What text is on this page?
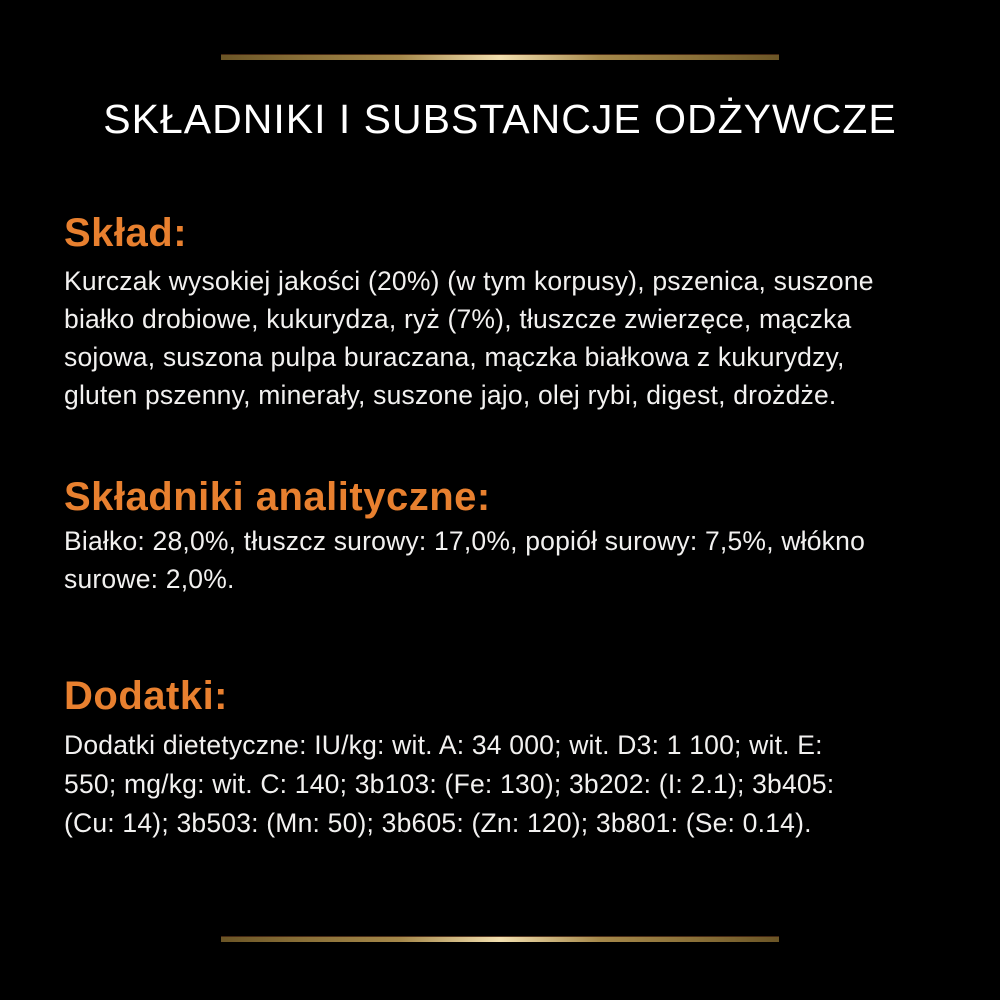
SKŁADNIKI I SUBSTANCJE ODŻYWCZE
Skład:
Kurczak wysokiej jakości (20%) (w tym korpusy), pszenica, suszone
białko drobiowe, kukurydza, ryż (7%), tłuszcze zwierzęce, mączka
sojowa, suszona pulpa buraczana, mączka białkowa z kukurydzy,
gluten pszenny, minerały, suszone jajo, olej rybi, digest, drożdże.
Składniki analityczne:
Białko: 28,0%, tłuszcz surowy: 17,0%, popiół surowy: 7,5%, włókno
surowe: 2,0%.
Dodatki:
Dodatki dietetyczne: IU/kg: wit. A: 34 000; wit. D3: 1 100; wit. E:
550; mg/kg: wit. C: 140; 3b103: (Fe: 130); 3b202: (I: 2.1); 3b405:
(Cu: 14); 3b503: (Mn: 50); 3b605: (Zn: 120); 3b801: (Se: 0.14).
